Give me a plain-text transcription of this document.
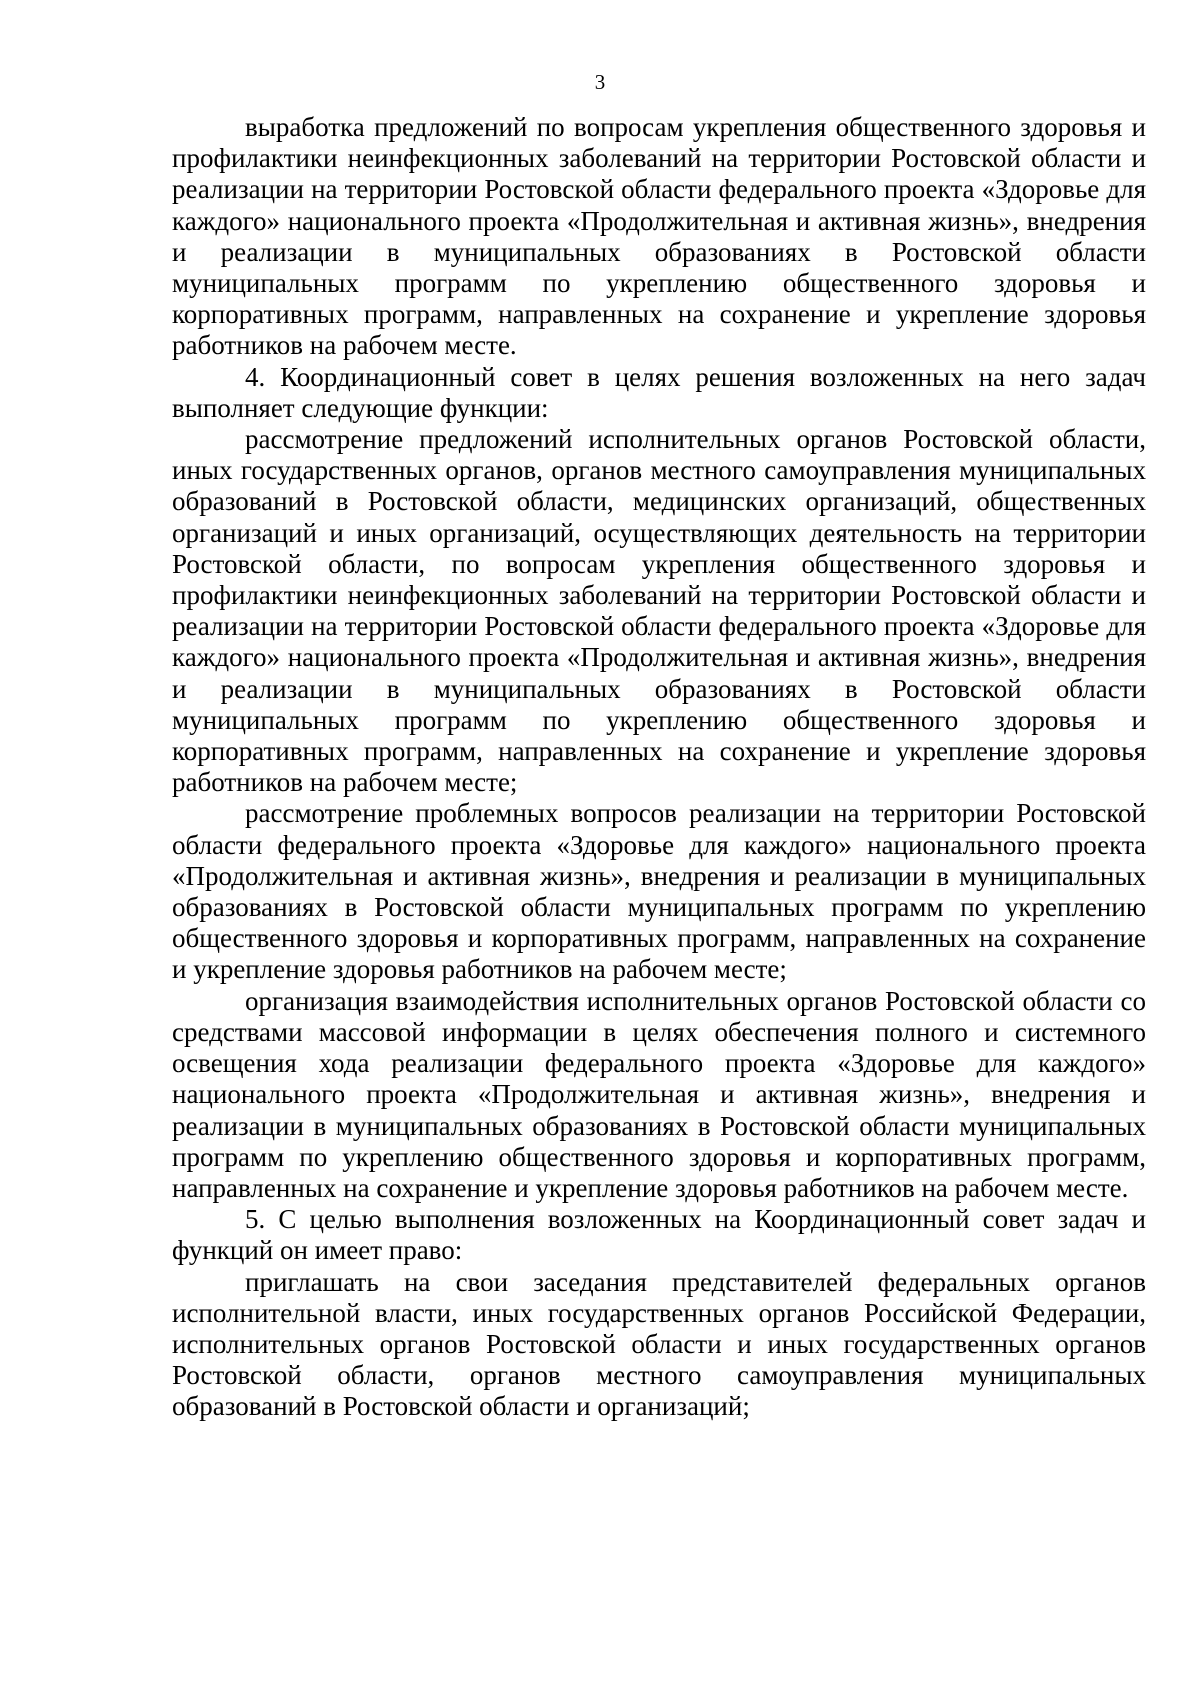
3

выработка предложений по вопросам укрепления общественного здоровья и профилактики неинфекционных заболеваний на территории Ростовской области и реализации на территории Ростовской области федерального проекта «Здоровье для каждого» национального проекта «Продолжительная и активная жизнь», внедрения и реализации в муниципальных образованиях в Ростовской области муниципальных программ по укреплению общественного здоровья и корпоративных программ, направленных на сохранение и укрепление здоровья работников на рабочем месте.

4. Координационный совет в целях решения возложенных на него задач выполняет следующие функции:

рассмотрение предложений исполнительных органов Ростовской области, иных государственных органов, органов местного самоуправления муниципальных образований в Ростовской области, медицинских организаций, общественных организаций и иных организаций, осуществляющих деятельность на территории Ростовской области, по вопросам укрепления общественного здоровья и профилактики неинфекционных заболеваний на территории Ростовской области и реализации на территории Ростовской области федерального проекта «Здоровье для каждого» национального проекта «Продолжительная и активная жизнь», внедрения и реализации в муниципальных образованиях в Ростовской области муниципальных программ по укреплению общественного здоровья и корпоративных программ, направленных на сохранение и укрепление здоровья работников на рабочем месте;

рассмотрение проблемных вопросов реализации на территории Ростовской области федерального проекта «Здоровье для каждого» национального проекта «Продолжительная и активная жизнь», внедрения и реализации в муниципальных образованиях в Ростовской области муниципальных программ по укреплению общественного здоровья и корпоративных программ, направленных на сохранение и укрепление здоровья работников на рабочем месте;

организация взаимодействия исполнительных органов Ростовской области со средствами массовой информации в целях обеспечения полного и системного освещения хода реализации федерального проекта «Здоровье для каждого» национального проекта «Продолжительная и активная жизнь», внедрения и реализации в муниципальных образованиях в Ростовской области муниципальных программ по укреплению общественного здоровья и корпоративных программ, направленных на сохранение и укрепление здоровья работников на рабочем месте.

5. С целью выполнения возложенных на Координационный совет задач и функций он имеет право:

приглашать на свои заседания представителей федеральных органов исполнительной власти, иных государственных органов Российской Федерации, исполнительных органов Ростовской области и иных государственных органов Ростовской области, органов местного самоуправления муниципальных образований в Ростовской области и организаций;
